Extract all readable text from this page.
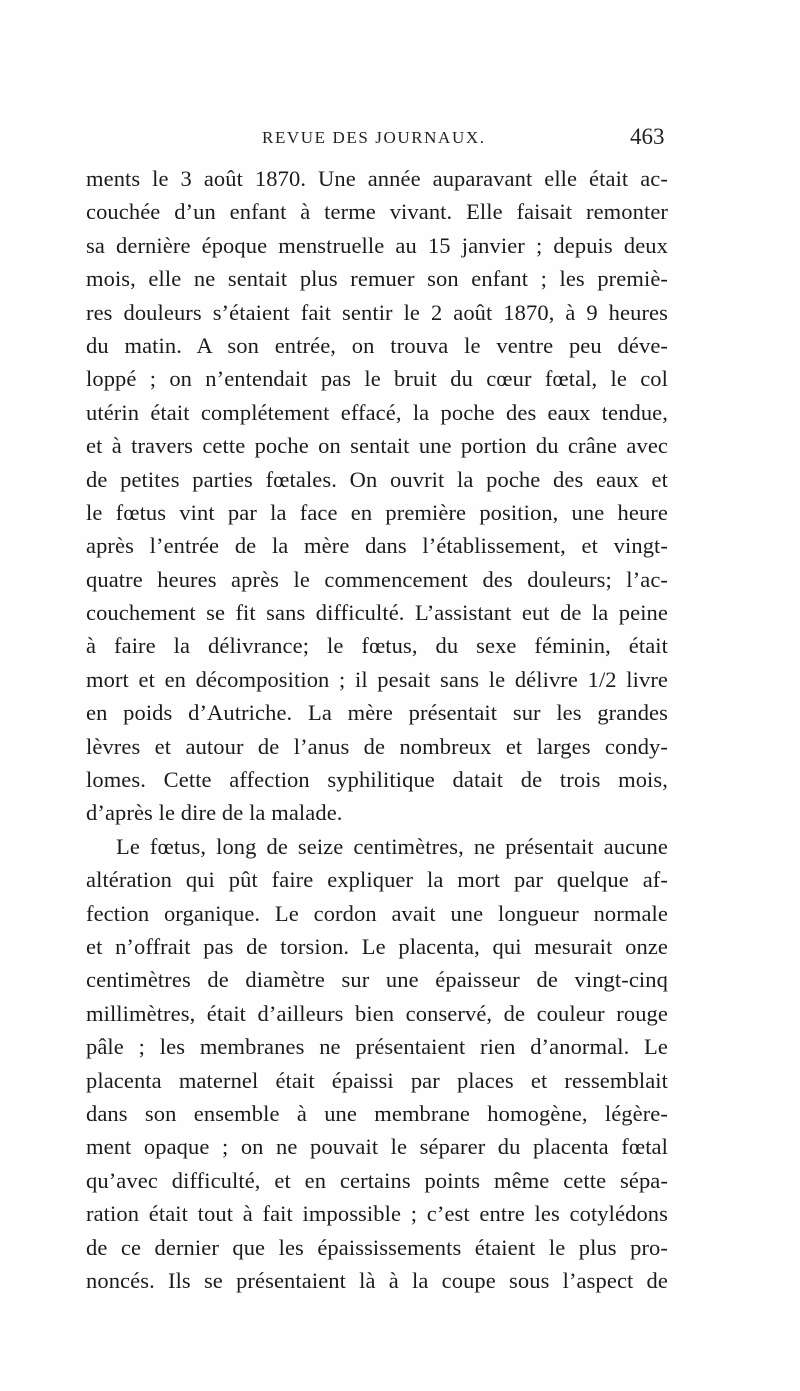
REVUE DES JOURNAUX.	463
ments le 3 août 1870. Une année auparavant elle était ac-
couchée d’un enfant à terme vivant. Elle faisait remonter
sa dernière époque menstruelle au 15 janvier ; depuis deux
mois, elle ne sentait plus remuer son enfant ; les premiè-
res douleurs s’étaient fait sentir le 2 août 1870, à 9 heures
du matin. A son entrée, on trouva le ventre peu déve-
loppé ; on n’entendait pas le bruit du cœur fœtal, le col
utérin était complétement effacé, la poche des eaux tendue,
et à travers cette poche on sentait une portion du crâne avec
de petites parties fœtales. On ouvrit la poche des eaux et
le fœtus vint par la face en première position, une heure
après l’entrée de la mère dans l’établissement, et vingt-
quatre heures après le commencement des douleurs; l’ac-
couchement se fit sans difficulté. L’assistant eut de la peine
à faire la délivrance; le fœtus, du sexe féminin, était
mort et en décomposition ; il pesait sans le délivre 1/2 livre
en poids d’Autriche. La mère présentait sur les grandes
lèvres et autour de l’anus de nombreux et larges condy-
lomes. Cette affection syphilitique datait de trois mois,
d’après le dire de la malade.
Le fœtus, long de seize centimètres, ne présentait aucune
altération qui pût faire expliquer la mort par quelque af-
fection organique. Le cordon avait une longueur normale
et n’offrait pas de torsion. Le placenta, qui mesurait onze
centimètres de diamètre sur une épaisseur de vingt-cinq
millimètres, était d’ailleurs bien conservé, de couleur rouge
pâle ; les membranes ne présentaient rien d’anormal. Le
placenta maternel était épaissi par places et ressemblait
dans son ensemble à une membrane homogène, légère-
ment opaque ; on ne pouvait le séparer du placenta fœtal
qu’avec difficulté, et en certains points même cette sépa-
ration était tout à fait impossible ; c’est entre les cotylédons
de ce dernier que les épaississements étaient le plus pro-
noncés. Ils se présentaient là à la coupe sous l’aspect de
